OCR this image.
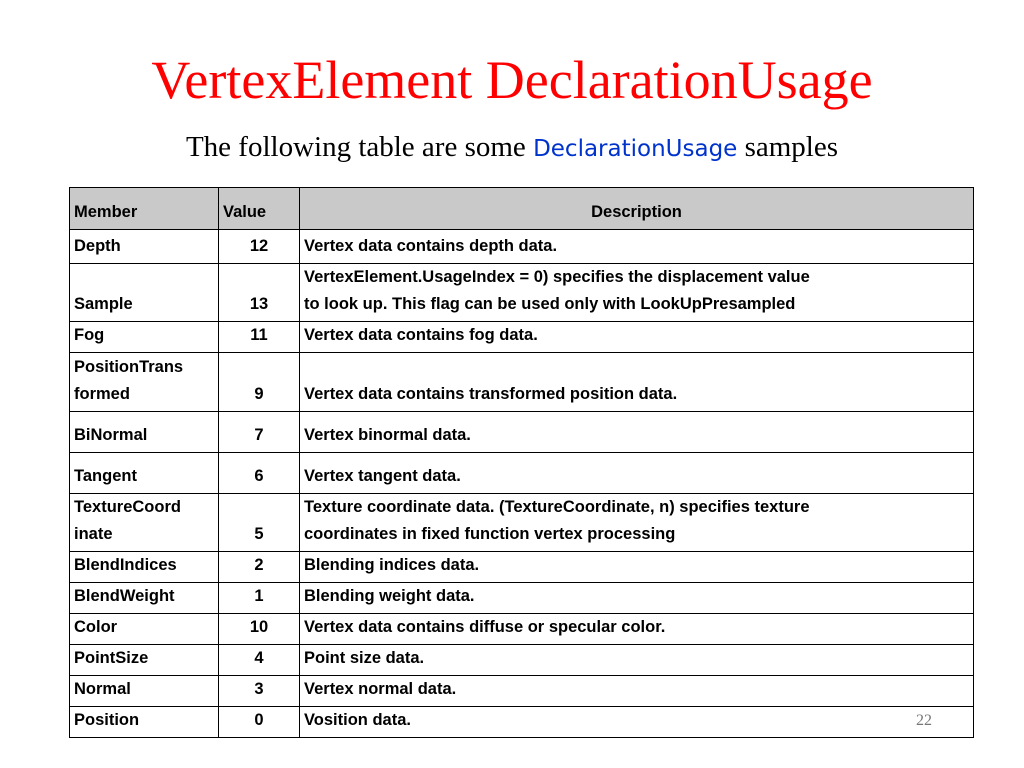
VertexElement DeclarationUsage
The following table are some DeclarationUsage samples
Member	Value	Description
Depth	12	Vertex data contains depth data.
Sample	13	VertexElement.UsageIndex = 0) specifies the displacement value
to look up. This flag can be used only with LookUpPresampled
Fog	11	Vertex data contains fog data.
PositionTrans
formed	9	Vertex data contains transformed position data.
BiNormal	7	Vertex binormal data.
Tangent	6	Vertex tangent data.
TextureCoord
inate	5	Texture coordinate data. (TextureCoordinate, n) specifies texture
coordinates in fixed function vertex processing
BlendIndices	2	Blending indices data.
BlendWeight	1	Blending weight data.
Color	10	Vertex data contains diffuse or specular color.
PointSize	4	Point size data.
Normal	3	Vertex normal data.
Position	0	Vosition data.	22
